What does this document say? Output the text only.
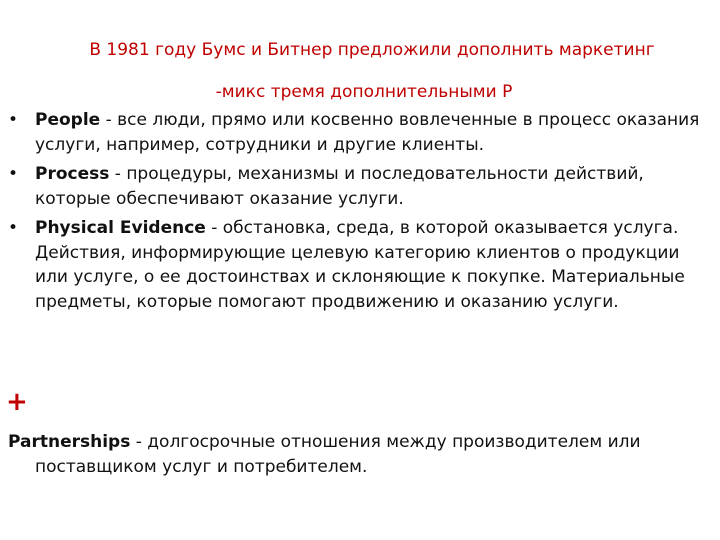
В 1981 году Бумс и Битнер предложили дополнить маркетинг
-микс тремя дополнительными Р
• People - все люди, прямо или косвенно вовлеченные в процесс оказания услуги, например, сотрудники и другие клиенты.
• Process - процедуры, механизмы и последовательности действий, которые обеспечивают оказание услуги.
• Physical Evidence - обстановка, среда, в которой оказывается услуга. Действия, информирующие целевую категорию клиентов о продукции или услуге, о ее достоинствах и склоняющие к покупке. Материальные предметы, которые помогают продвижению и оказанию услуги.
+

Partnerships - долгосрочные отношения между производителем или поставщиком услуг и потребителем.
